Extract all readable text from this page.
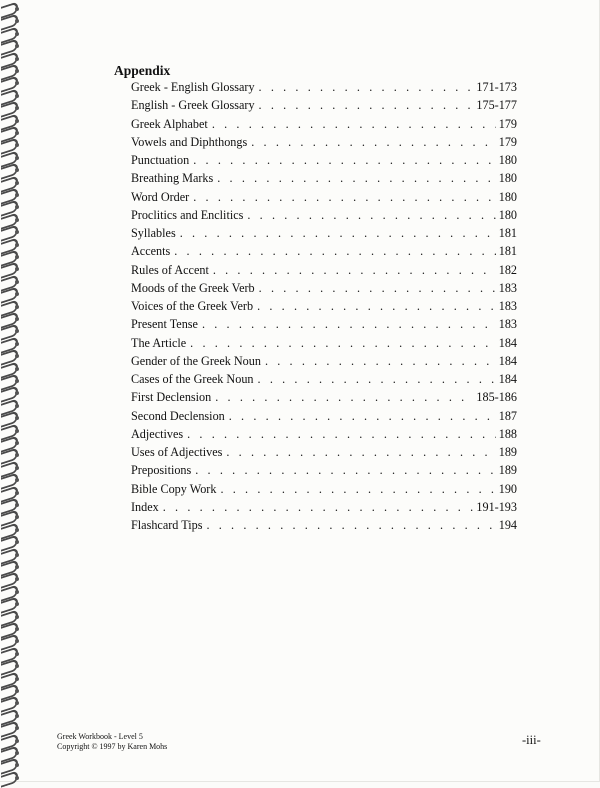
Appendix
Greek - English Glossary . . .	171-173
English - Greek Glossary . . .	175-177
Greek Alphabet . . .	179
Vowels and Diphthongs . . .	179
Punctuation . . .	180
Breathing Marks . . .	180
Word Order . . .	180
Proclitics and Enclitics . . .	180
Syllables . . .	181
Accents . . .	181
Rules of Accent . . .	182
Moods of the Greek Verb . . .	183
Voices of the Greek Verb . . .	183
Present Tense . . .	183
The Article . . .	184
Gender of the Greek Noun . . .	184
Cases of the Greek Noun . . .	184
First Declension . . .	185-186
Second Declension . . .	187
Adjectives . . .	188
Uses of Adjectives . . .	189
Prepositions . . .	189
Bible Copy Work . . .	190
Index . . .	191-193
Flashcard Tips . . .	194
Greek Workbook - Level 5
Copyright © 1997 by Karen Mohs	-iii-
